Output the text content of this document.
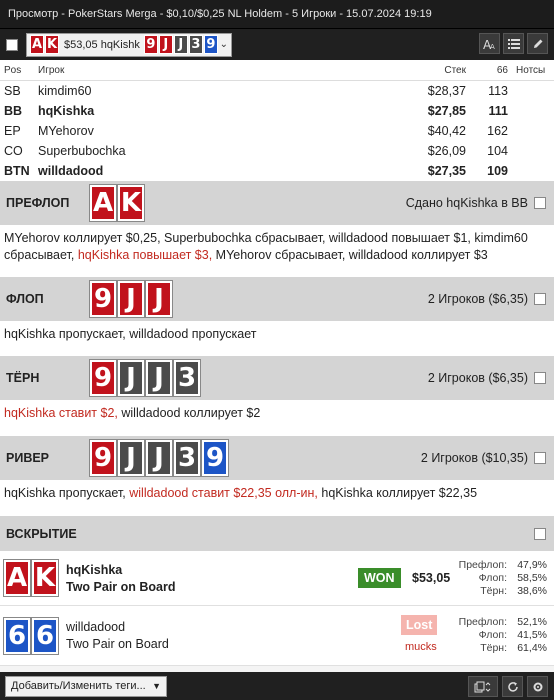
Просмотр - PokerStars Merga - $0,10/$0,25 NL Holdem - 5 Игроки - 15.07.2024 19:19
A K $53,05 hqKishk 9 J J 3 9 ⌄	A
A
Pos	Игрок	Стек	66 Нотсы
SB	kimdim60	$28,37	113
BB	hqKishka	$27,85	111
EP	MYehorov	$40,42	162
CO	Superbubochka	$26,09	104
BTN willdadood	$27,35	109
ПРЕФЛОП A K	Сдано hqKishka в BB
MYehorov коллирует $0,25, Superbubochka сбрасывает, willdadood повышает $1, kimdim60 сбрасывает, hqKishka повышает $3, MYehorov сбрасывает, willdadood коллирует $3
ФЛОП	9 J J	2 Игроков ($6,35)
hqKishka пропускает, willdadood пропускает
ТЁРН	9 J J 3	2 Игроков ($6,35)
hqKishka ставит $2, willdadood коллирует $2
РИВЕР	9 J J 3 9	2 Игроков ($10,35)
hqKishka пропускает, willdadood ставит $22,35 олл-ин, hqKishka коллирует $22,35
ВСКРЫТИЕ
A K hqKishka
Two Pair on Board
WON	$53,05
Префлоп: 47,9%
Флоп: 58,5%
Тёрн: 38,6%
6 6 willdadood
Two Pair on Board
Lost
mucks
Префлоп: 52,1%
Флоп: 41,5%
Тёрн: 61,4%
Добавить/Изменить теги... ▼
